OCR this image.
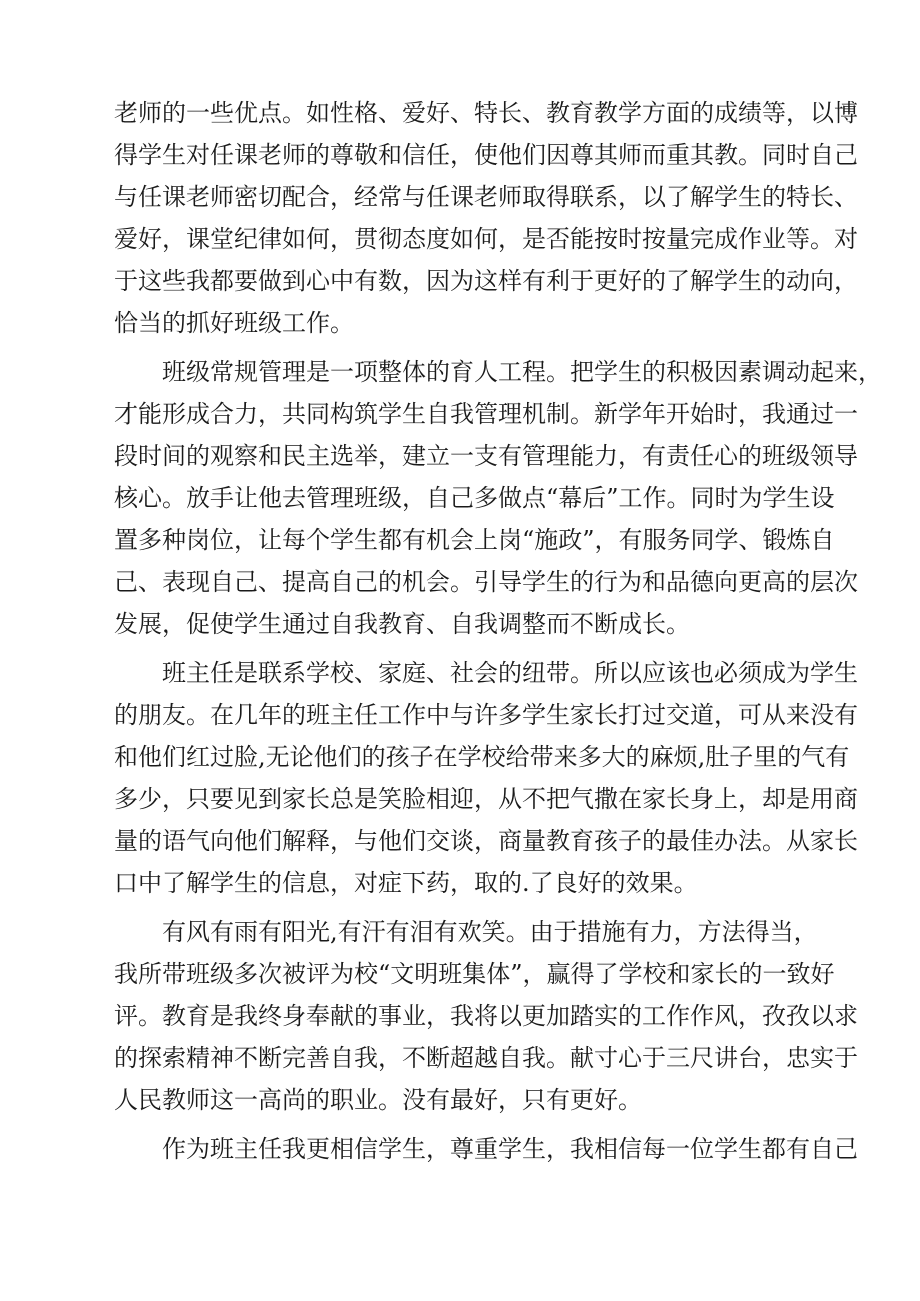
老师的一些优点。如性格、爱好、特长、教育教学方面的成绩等，以博
得学生对任课老师的尊敬和信任，使他们因尊其师而重其教。同时自己
与任课老师密切配合，经常与任课老师取得联系，以了解学生的特长、
爱好，课堂纪律如何，贯彻态度如何，是否能按时按量完成作业等。对
于这些我都要做到心中有数，因为这样有利于更好的了解学生的动向，
恰当的抓好班级工作。
班级常规管理是一项整体的育人工程。把学生的积极因素调动起来，
才能形成合力，共同构筑学生自我管理机制。新学年开始时，我通过一
段时间的观察和民主选举，建立一支有管理能力，有责任心的班级领导
核心。放手让他去管理班级，自己多做点“幕后”工作。同时为学生设
置多种岗位，让每个学生都有机会上岗“施政”，有服务同学、锻炼自
己、表现自己、提高自己的机会。引导学生的行为和品德向更高的层次
发展，促使学生通过自我教育、自我调整而不断成长。
班主任是联系学校、家庭、社会的纽带。所以应该也必须成为学生
的朋友。在几年的班主任工作中与许多学生家长打过交道，可从来没有
和他们红过脸,无论他们的孩子在学校给带来多大的麻烦,肚子里的气有
多少，只要见到家长总是笑脸相迎，从不把气撒在家长身上，却是用商
量的语气向他们解释，与他们交谈，商量教育孩子的最佳办法。从家长
口中了解学生的信息，对症下药，取的.了良好的效果。
有风有雨有阳光,有汗有泪有欢笑。由于措施有力，方法得当，
我所带班级多次被评为校“文明班集体”，赢得了学校和家长的一致好
评。教育是我终身奉献的事业，我将以更加踏实的工作作风，孜孜以求
的探索精神不断完善自我，不断超越自我。献寸心于三尺讲台，忠实于
人民教师这一高尚的职业。没有最好，只有更好。
作为班主任我更相信学生，尊重学生，我相信每一位学生都有自己
